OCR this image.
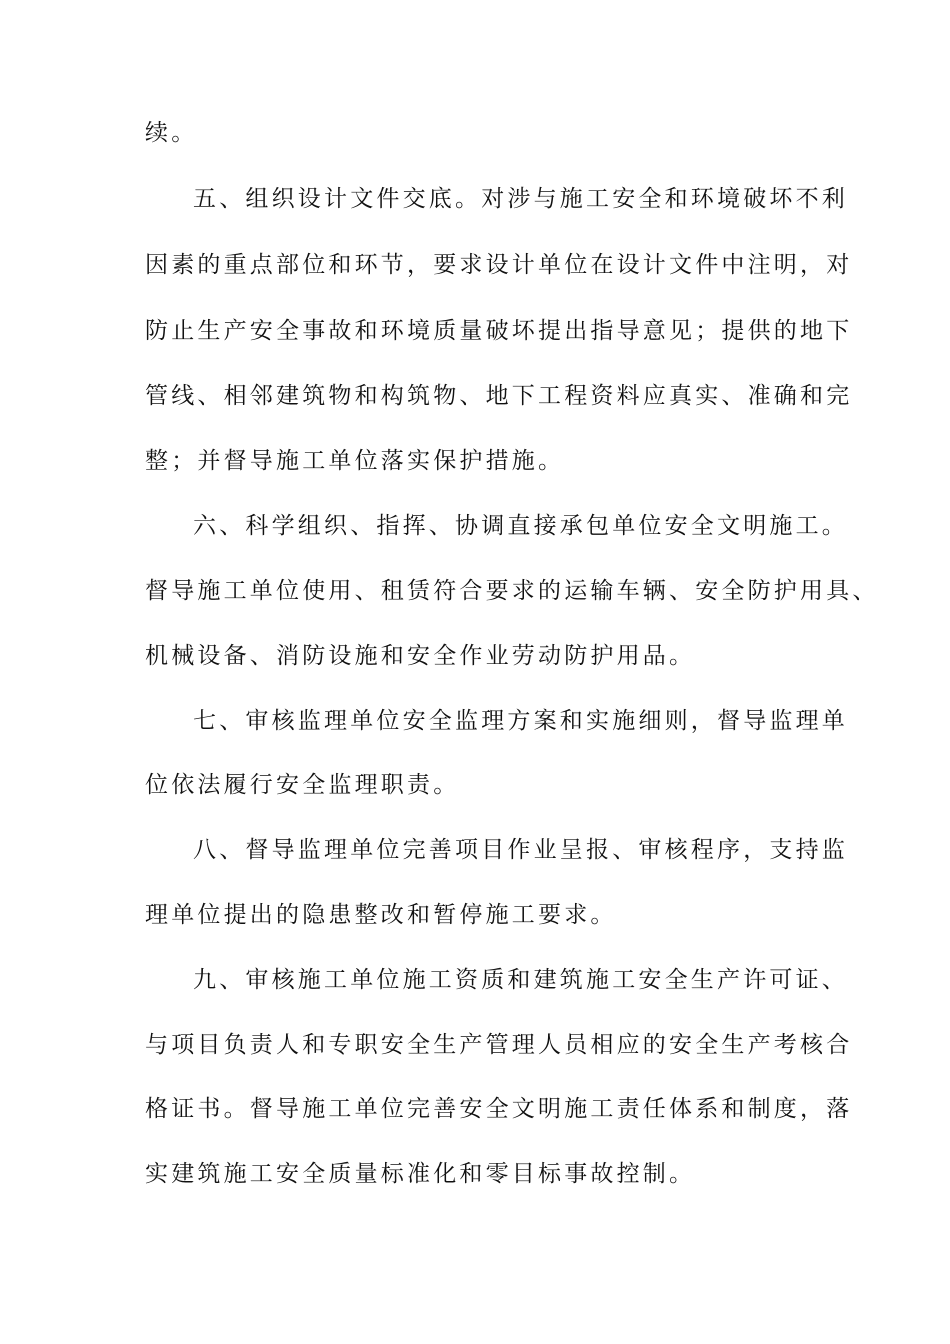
续。
五、组织设计文件交底。对涉与施工安全和环境破坏不利
因素的重点部位和环节，要求设计单位在设计文件中注明，对
防止生产安全事故和环境质量破坏提出指导意见；提供的地下
管线、相邻建筑物和构筑物、地下工程资料应真实、准确和完
整；并督导施工单位落实保护措施。
六、科学组织、指挥、协调直接承包单位安全文明施工。
督导施工单位使用、租赁符合要求的运输车辆、安全防护用具、
机械设备、消防设施和安全作业劳动防护用品。
七、审核监理单位安全监理方案和实施细则，督导监理单
位依法履行安全监理职责。
八、督导监理单位完善项目作业呈报、审核程序，支持监
理单位提出的隐患整改和暂停施工要求。
九、审核施工单位施工资质和建筑施工安全生产许可证、
与项目负责人和专职安全生产管理人员相应的安全生产考核合
格证书。督导施工单位完善安全文明施工责任体系和制度，落
实建筑施工安全质量标准化和零目标事故控制。
